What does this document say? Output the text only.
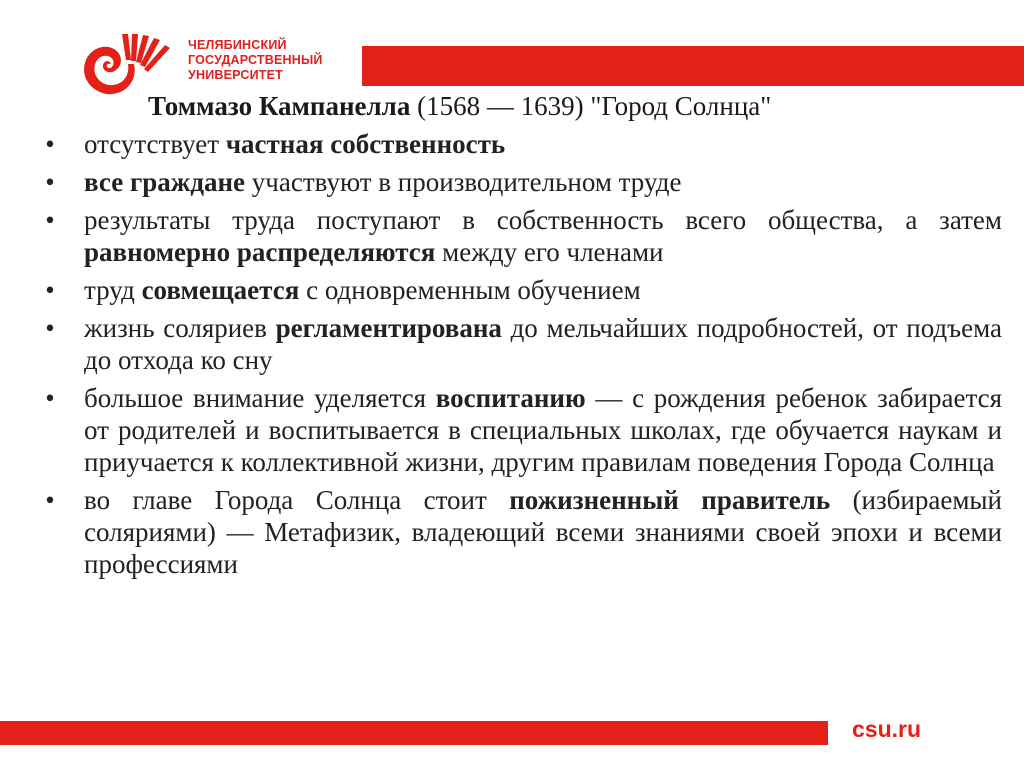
ЧЕЛЯБИНСКИЙ
ГОСУДАРСТВЕННЫЙ
УНИВЕРСИТЕТ
Томмазо Кампанелла (1568 — 1639) "Город Солнца"
• отсутствует частная собственность
• все граждане участвуют в производительном труде
• результаты труда поступают в собственность всего общества, а затем равномерно распределяются между его членами
• труд совмещается с одновременным обучением
• жизнь соляриев регламентирована до мельчайших подробностей, от подъема до отхода ко сну
• большое внимание уделяется воспитанию — с рождения ребенок забирается от родителей и воспитывается в специальных школах, где обучается наукам и приучается к коллективной жизни, другим правилам поведения Города Солнца
• во главе Города Солнца стоит пожизненный правитель (избираемый соляриями) — Метафизик, владеющий всеми знаниями своей эпохи и всеми профессиями
csu.ru
